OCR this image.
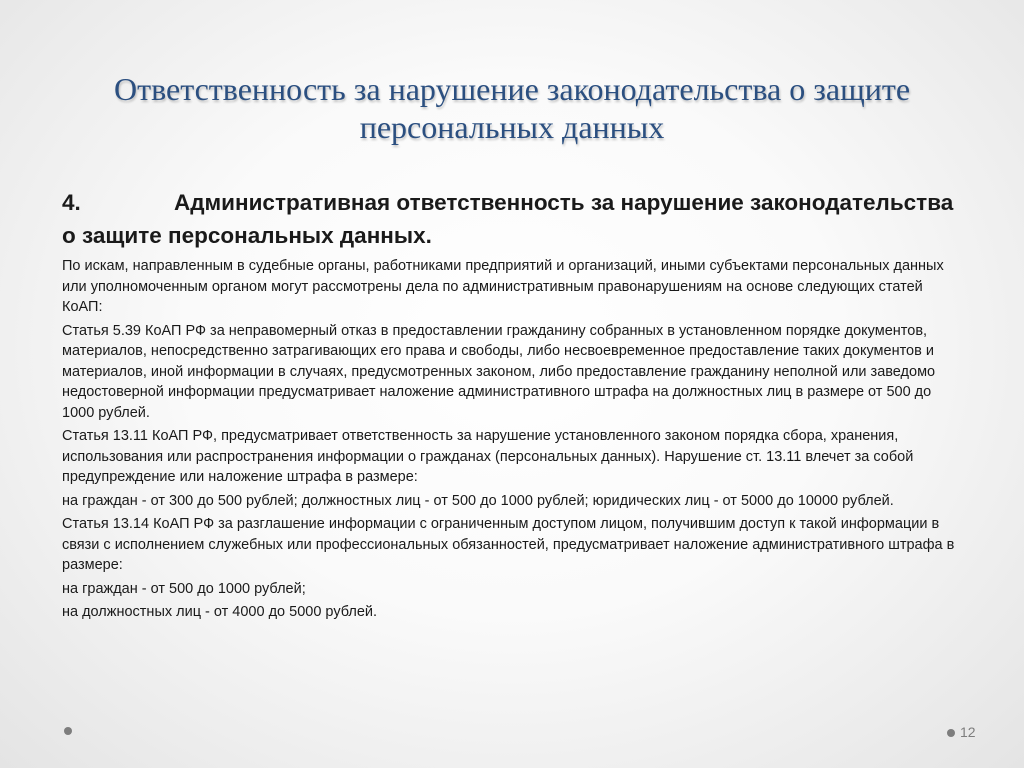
Ответственность за нарушение законодательства о защите персональных данных

4.	Административная ответственность за нарушение законодательства о защите персональных данных.

По искам, направленным в судебные органы, работниками предприятий и организаций, иными субъектами персональных данных или уполномоченным органом могут рассмотрены дела по административным правонарушениям на основе следующих статей КоАП:

Статья 5.39 КоАП РФ за неправомерный отказ в предоставлении гражданину собранных в установленном порядке документов, материалов, непосредственно затрагивающих его права и свободы, либо несвоевременное предоставление таких документов и материалов, иной информации в случаях, предусмотренных законом, либо предоставление гражданину неполной или заведомо недостоверной информации предусматривает наложение административного штрафа на должностных лиц в размере от 500 до 1000 рублей.

Статья 13.11 КоАП РФ, предусматривает ответственность за нарушение установленного законом порядка сбора, хранения, использования или распространения информации о гражданах (персональных данных). Нарушение ст. 13.11 влечет за собой предупреждение или наложение штрафа в размере:

на граждан - от 300 до 500 рублей; должностных лиц - от 500 до 1000 рублей; юридических лиц - от 5000 до 10000 рублей.

Статья 13.14 КоАП РФ за разглашение информации с ограниченным доступом лицом, получившим доступ к такой информации в связи с исполнением служебных или профессиональных обязанностей, предусматривает наложение административного штрафа в размере:

на граждан - от 500 до 1000 рублей;

на должностных лиц - от 4000 до 5000 рублей.

12
